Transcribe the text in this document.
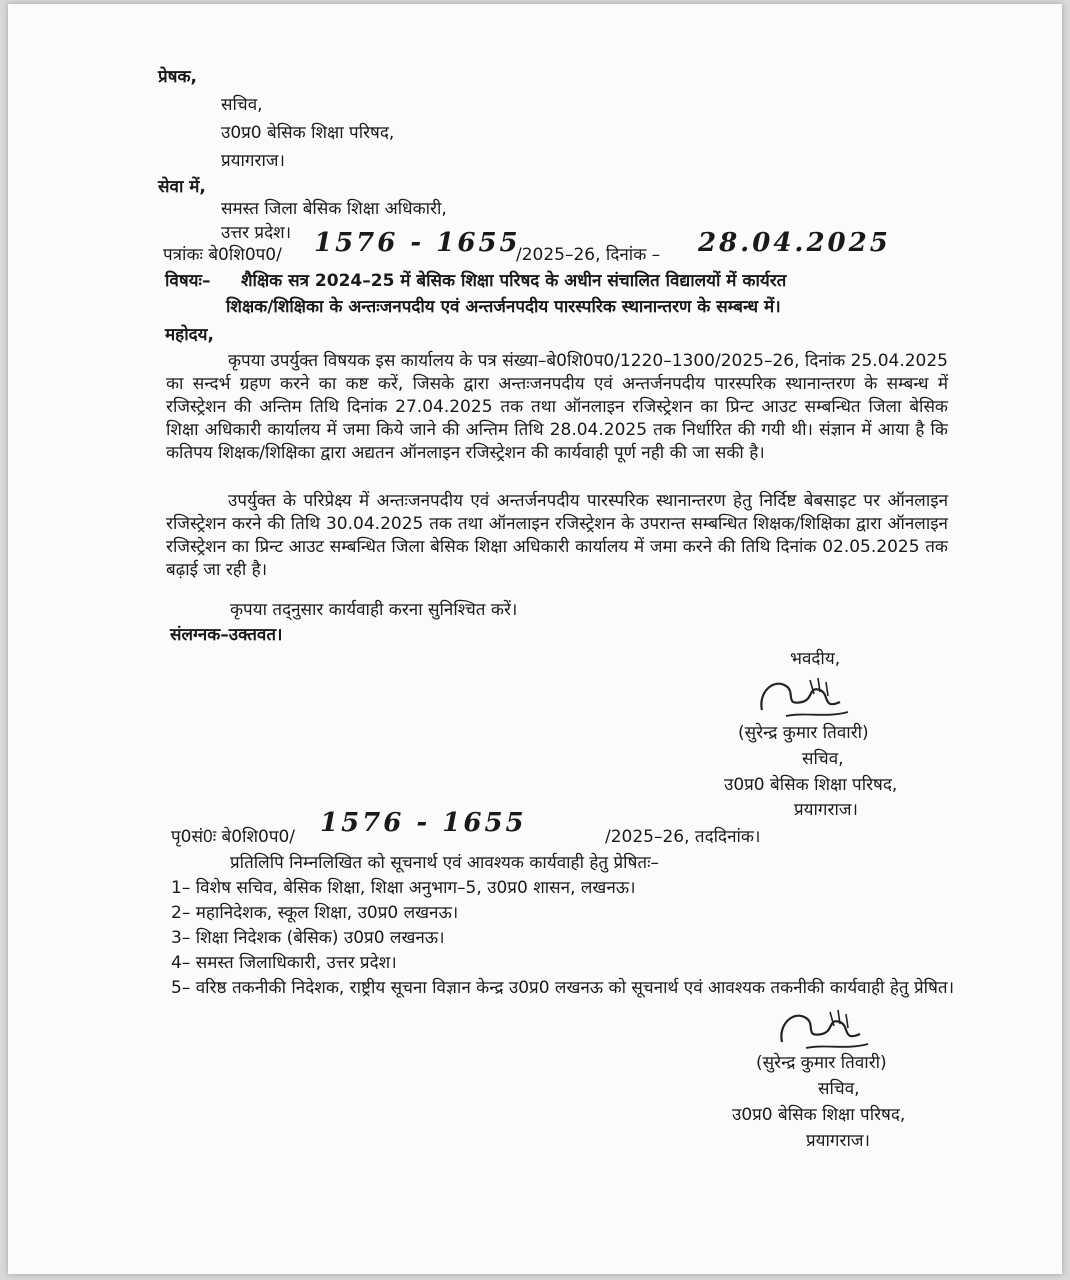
प्रेषक,
सचिव,
उ0प्र0 बेसिक शिक्षा परिषद,
प्रयागराज।
सेवा में,
समस्त जिला बेसिक शिक्षा अधिकारी,
उत्तर प्रदेश।
पत्रांकः बे0शि0प0/ 1576 - 1655
/2025–26, दिनांक – 28.04.2025
विषयः– शैक्षिक सत्र 2024–25 में बेसिक शिक्षा परिषद के अधीन संचालित विद्यालयों में कार्यरत
शिक्षक/शिक्षिका के अन्तःजनपदीय एवं अन्तर्जनपदीय पारस्परिक स्थानान्तरण के सम्बन्ध में।
महोदय,
कृपया उपर्युक्त विषयक इस कार्यालय के पत्र संख्या–बे0शि0प0/1220–1300/2025–26, दिनांक 25.04.2025 का सन्दर्भ ग्रहण करने का कष्ट करें, जिसके द्वारा अन्तःजनपदीय एवं अन्तर्जनपदीय पारस्परिक स्थानान्तरण के सम्बन्ध में रजिस्ट्रेशन की अन्तिम तिथि दिनांक 27.04.2025 तक तथा ऑनलाइन रजिस्ट्रेशन का प्रिन्ट आउट सम्बन्धित जिला बेसिक शिक्षा अधिकारी कार्यालय में जमा किये जाने की अन्तिम तिथि 28.04.2025 तक निर्धारित की गयी थी। संज्ञान में आया है कि कतिपय शिक्षक/शिक्षिका द्वारा अद्यतन ऑनलाइन रजिस्ट्रेशन की कार्यवाही पूर्ण नही की जा सकी है।
उपर्युक्त के परिप्रेक्ष्य में अन्तःजनपदीय एवं अन्तर्जनपदीय पारस्परिक स्थानान्तरण हेतु निर्दिष्ट बेबसाइट पर ऑनलाइन रजिस्ट्रेशन करने की तिथि 30.04.2025 तक तथा ऑनलाइन रजिस्ट्रेशन के उपरान्त सम्बन्धित शिक्षक/शिक्षिका द्वारा ऑनलाइन रजिस्ट्रेशन का प्रिन्ट आउट सम्बन्धित जिला बेसिक शिक्षा अधिकारी कार्यालय में जमा करने की तिथि दिनांक 02.05.2025 तक बढ़ाई जा रही है।
कृपया तद्नुसार कार्यवाही करना सुनिश्चित करें।
संलग्नक–उक्तवत।
भवदीय,
(सुरेन्द्र कुमार तिवारी)
सचिव,
उ0प्र0 बेसिक शिक्षा परिषद,
प्रयागराज।
पृ0सं0ः बे0शि0प0/ 1576 - 1655	/2025–26, तददिनांक।
प्रतिलिपि निम्नलिखित को सूचनार्थ एवं आवश्यक कार्यवाही हेतु प्रेषितः–
1– विशेष सचिव, बेसिक शिक्षा, शिक्षा अनुभाग–5, उ0प्र0 शासन, लखनऊ।
2– महानिदेशक, स्कूल शिक्षा, उ0प्र0 लखनऊ।
3– शिक्षा निदेशक (बेसिक) उ0प्र0 लखनऊ।
4– समस्त जिलाधिकारी, उत्तर प्रदेश।
5– वरिष्ठ तकनीकी निदेशक, राष्ट्रीय सूचना विज्ञान केन्द्र उ0प्र0 लखनऊ को सूचनार्थ एवं आवश्यक तकनीकी कार्यवाही हेतु प्रेषित।
(सुरेन्द्र कुमार तिवारी)
सचिव,
उ0प्र0 बेसिक शिक्षा परिषद,
प्रयागराज।
